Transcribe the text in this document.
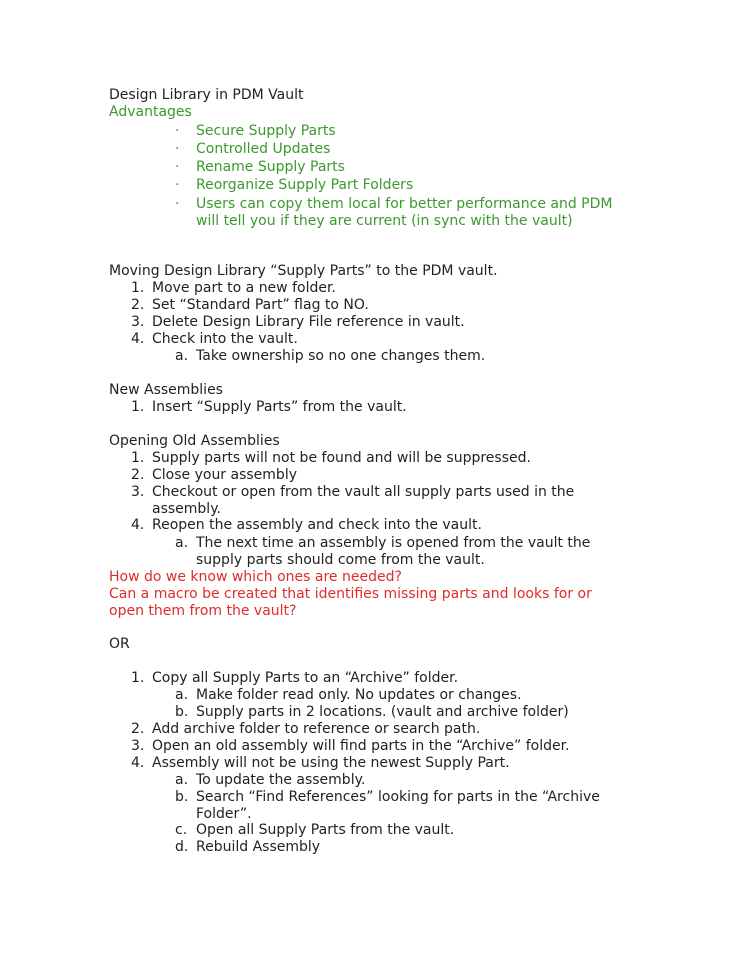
Design Library in PDM Vault
Advantages
· Secure Supply Parts
· Controlled Updates
· Rename Supply Parts
· Reorganize Supply Part Folders
· Users can copy them local for better performance and PDM
will tell you if they are current (in sync with the vault)
Moving Design Library “Supply Parts” to the PDM vault.
1. Move part to a new folder.
2. Set “Standard Part” flag to NO.
3. Delete Design Library File reference in vault.
4. Check into the vault.
a. Take ownership so no one changes them.
New Assemblies
1. Insert “Supply Parts” from the vault.
Opening Old Assemblies
1. Supply parts will not be found and will be suppressed.
2. Close your assembly
3. Checkout or open from the vault all supply parts used in the
assembly.
4. Reopen the assembly and check into the vault.
a. The next time an assembly is opened from the vault the
supply parts should come from the vault.
How do we know which ones are needed?
Can a macro be created that identifies missing parts and looks for or
open them from the vault?
OR
1. Copy all Supply Parts to an “Archive” folder.
a. Make folder read only. No updates or changes.
b. Supply parts in 2 locations. (vault and archive folder)
2. Add archive folder to reference or search path.
3. Open an old assembly will find parts in the “Archive” folder.
4. Assembly will not be using the newest Supply Part.
a. To update the assembly.
b. Search “Find References” looking for parts in the “Archive
Folder”.
c. Open all Supply Parts from the vault.
d. Rebuild Assembly
